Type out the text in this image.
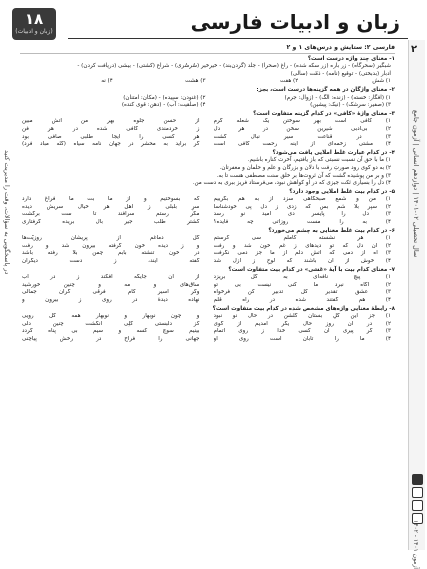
۱۸
(زبان و ادبیات)	زبان و ادبیات فارسی
۲
سال تحصیلی ۰۲-۱۴۰۱ | دوازدهم انسانی | آزمون جامع
آزمون ۱۴۰۱ - ۱۴۰۲
در پاسخگویی به سؤالات، وقت را مدیریت کنید
فارسی ۲: ستایش و درس‌های ۱ و ۲
۱- معنای چند واژه درست است؟
شبگیر (سحرگاه) - زر باره (زر سکه شده) - راغ (صحرا) - جلد (گردن‌بند) - خیرخیر (سُرسُری) - شراع (کشتی) - بیشی (دریافت کردن) -
ادبار (بدبختی) - توقیع (نامه) - ذمّت (سالی)
۱) شش
۲) هفت
۳) هشت
۴) نه
۲- معنای واژگان در همه گزینه‌ها درست است، بجز:
۱) (افگار: خسته) - (زنده: الگ) - (زوال: جرم)
۲) (غنودن: سپیده) - (مکان: امتنان)
۳) (صفیر: سرشک) - (نیک: پیشین)
۴) (صلقیت: آب) - (دهن: قوی کنده)
۳- معنای واژهٔ «کافی» در کدام گزینه متفاوت است؟
۱) کافی است بهر سوختن یک شعله گرم
از حسن جلوه بهر من آتش مبین
۲) بی‌ادبی شیرین سخن در هر دل
ز خردمندی گافی شده در هر فن
۳) در قناعت سیر نبال گشت
هر کسی را ایجا طلبی صافی بود
۴) مشتی زخمه‌ای از آینه رحمت کافی است
گر برآید به محشر در جهان نامه سیاه (گُنَه مباد فرد)
۴- در کدام عبارت غلط املایی یافت می‌شود؟
۱) ما با حق آن نسبت نسبتی که باز یافتیم، آخرت کناره باشیم.
۲) به دو کوی رود صورتِ رفت با دلان و بزرگان و علم و حلمان و مغفرتان.
۳) و بر من پوشیده گشت که آن ثروت‌ها بر خلق سنت مصطفی هست تا به.
۴) دل را بسیاری ثکت جیزی که در او کواهش نبود، می‌فرستاد فریز ببری به دست من.
۵- در کدام بیت غلط املایی وجود دارد؟
۱) من و شمع صبحگاهی سزد از به هم بگرییم
که بسوختیم و از ما بت ما فراغ دارد
۲) سپر بلا شم بس که زدی ز دل پی خودشناسا
سرِ بلبلی ز اهل هر خیال سریش دیده
۳) دل را پایسر دی امید نو رسد
مگر رستم سرافند تا ست برگشت
۴) به را مست روزاتی چه فایده؟
کشتر طلب جیر بال بریده گرفتاری
۶- در کدام بیت غلط معنایی به چشم می‌خورد؟
۱) هر نشسته کاملم سی کُرستم
گل دماغم از پریشان روزیّت‌ها
۲) آن دل که تو دیدهای ز غم خون شد و رفت
و ز دیده خون گرفته بیرون شد و رفت
۳) آه از دمی که آتش دلم از ما جز دمی نگرفت
در خون تنشته بابم چمن بلا رفته باشد
۴) خوش از آن باشند که لوحِ ز ازل شد
گفته آیند، ز دست دیگران
۷- معنای کدام بیت با آیهٔ «عَسَی» در کدام بیت متفاوت است؟
۱) پیچ نافه‌ای به گل بریزد
از آن جایگه افکند ز در آب
۲) آگاه نبرد ما کنی نیست بی تو
ساق‌های و مه و چنین خورشید
۳) عشق تقدیر کل تدبیر کن فرخواه
وگر اسیر کام فرقی گران جمالی
۴) هم گفتند شده در راه قلم
نهاده دیدهٔ در روی ز بیرون و
۸- رابطهٔ معنایی واژه‌های مشخص شده در کدام بیت متفاوت است؟
۱) جز این گُلِ بستان گلشن در حال نو نبود
و چون نوبهار و نوبهار همه گل رویی
۲) در آن روز حال یگر آمدیم از گوی
کز دلبستی گُلِی انگشت چنین دلی
۳) گر پیری آن کسی خدا ز روی اتمام
بینیم سوچ کسه و سیم بی پناه گردد
۴) ما را تابان است روی او
جهانی را فراخ در رخش پیاچنی
